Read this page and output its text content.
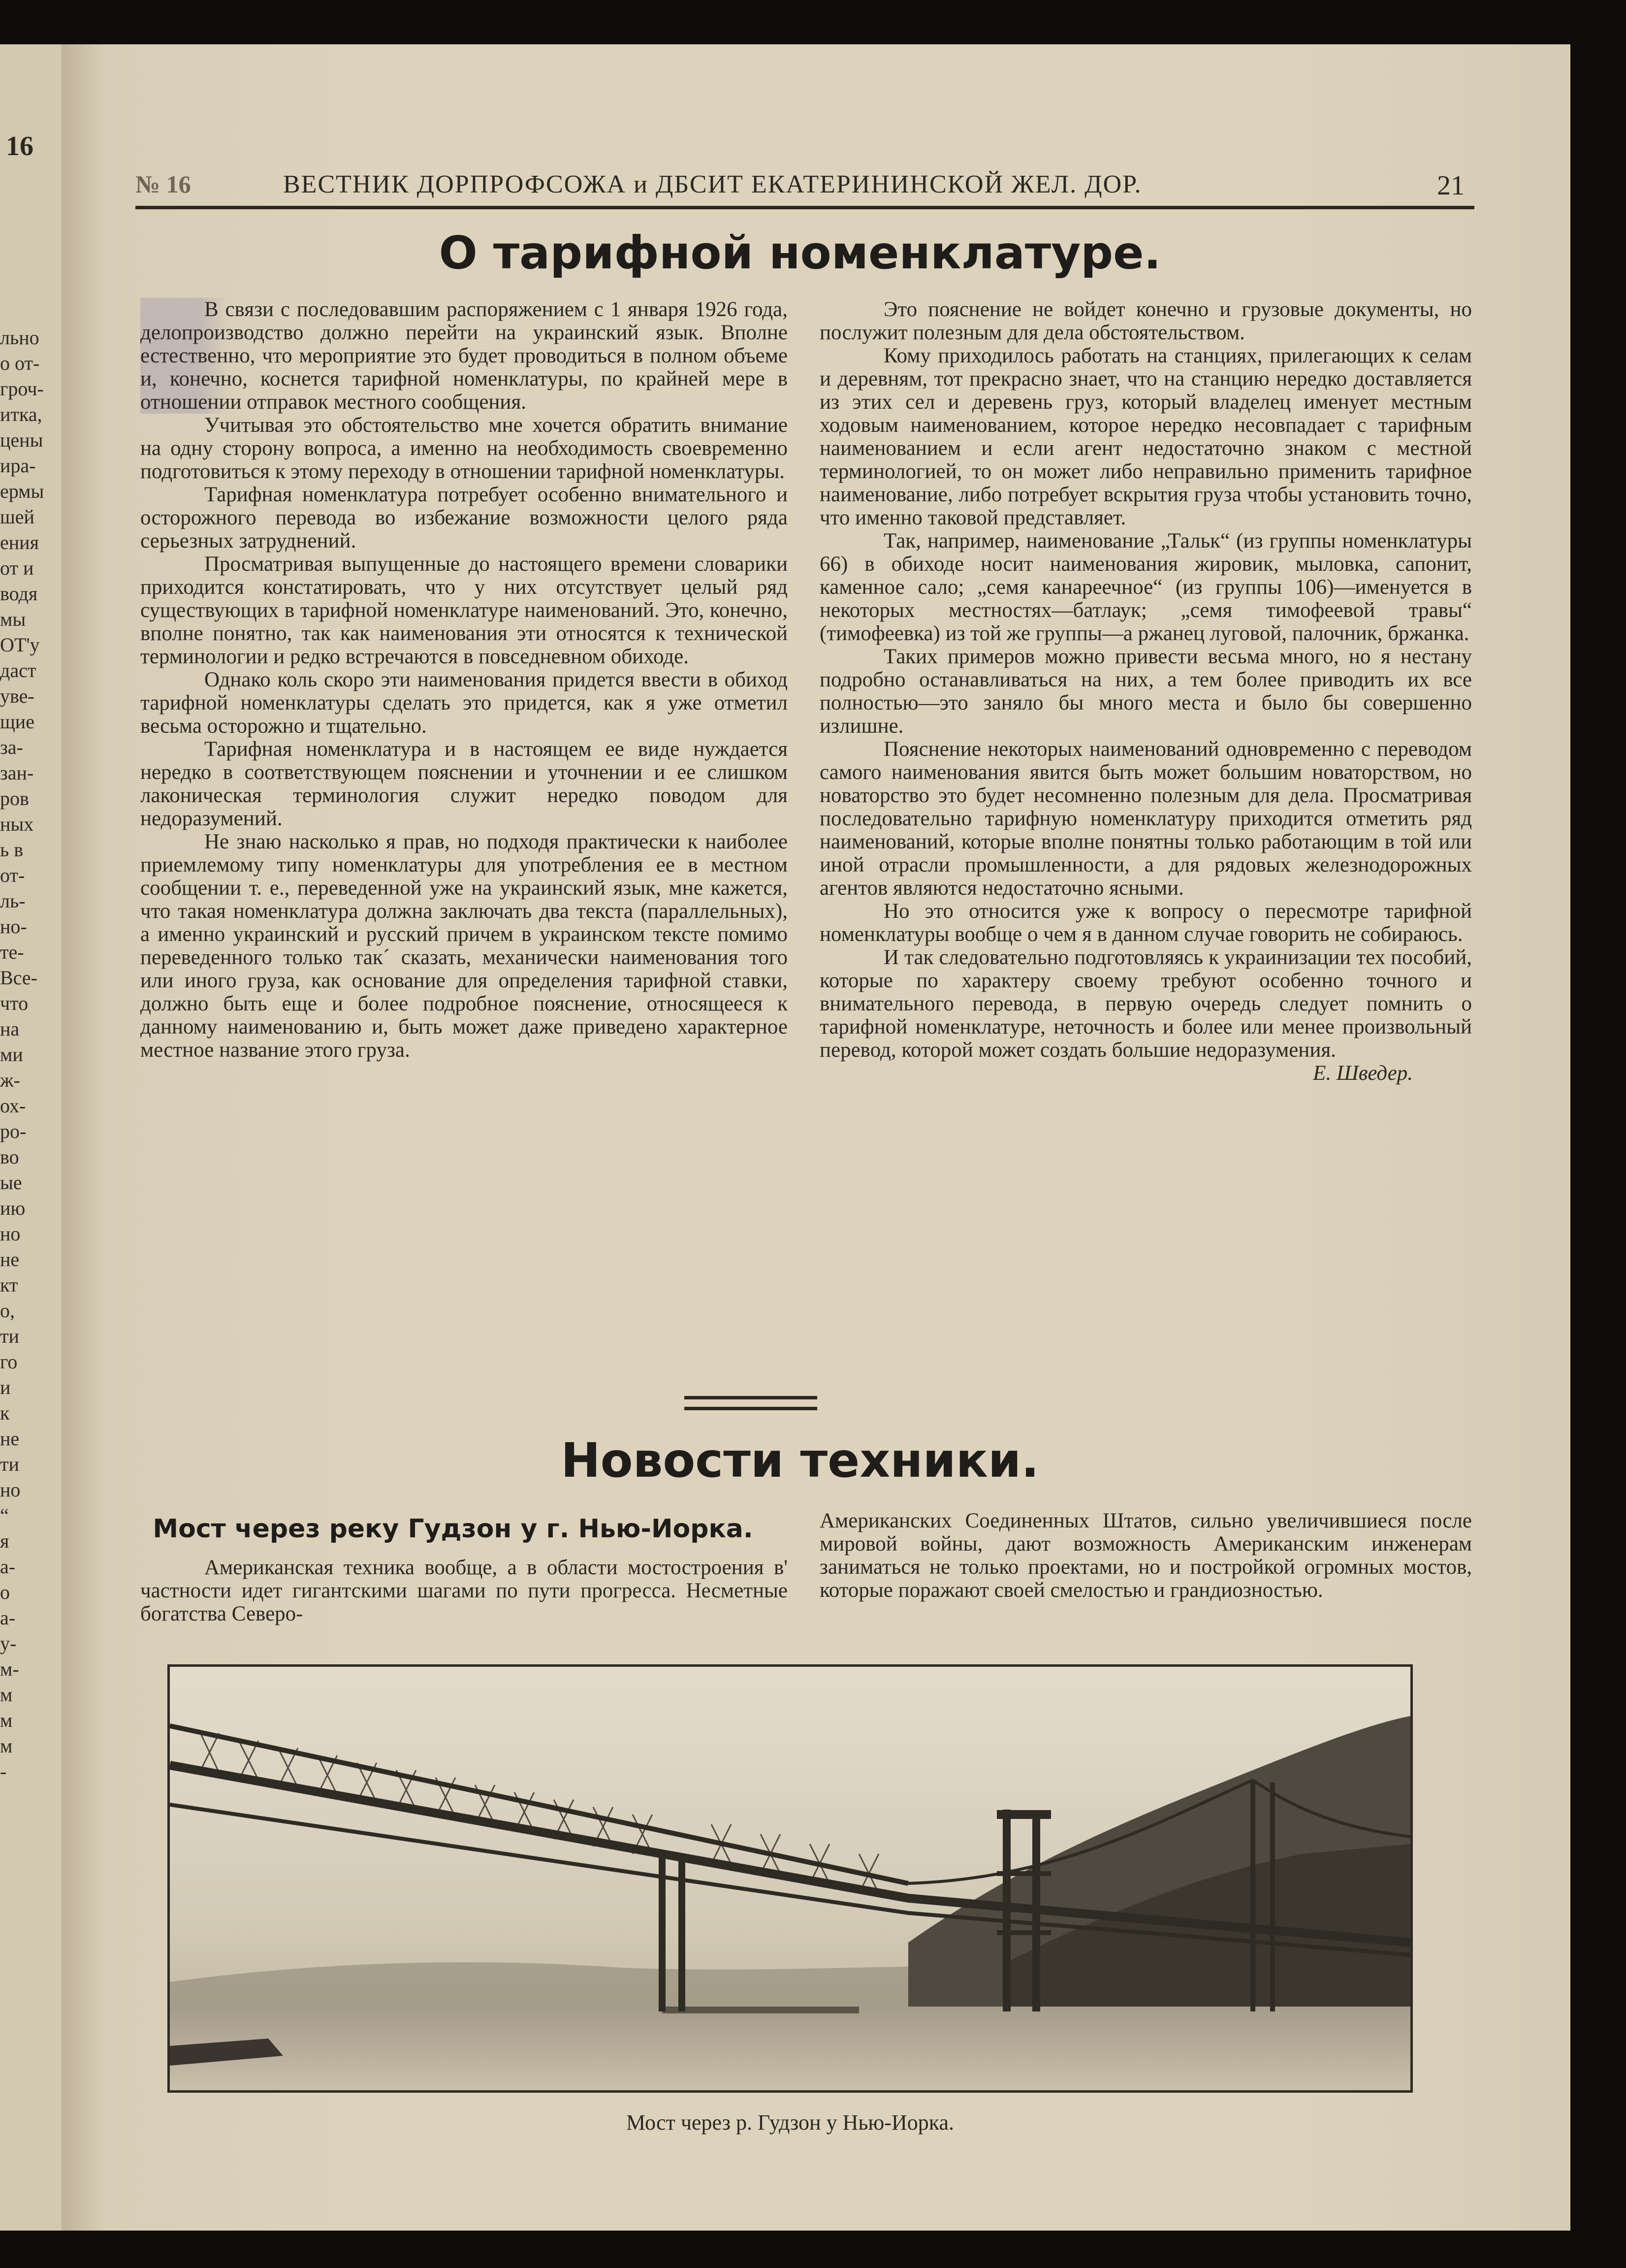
льно
о от-
гроч-
итка,
цены
ира-
ермы
шей
ения
от и
водя
мы
ОТ'у
даст
уве-
щие
за-
зан-
ров
ных
ь в
от-
ль-
но-
те-
Все-
что
на
ми
ж-
ох-
ро-
во
ые
ию
но
не
кт
о,
ти
го
и
к
не
ти
но
“
я
а-
о
а-
у-
м-
м
м
м
-
16
№ 16	ВЕСТНИК ДОРПРОФСОЖА и ДБСИТ ЕКАТЕРИНИНСКОЙ ЖЕЛ. ДОР.	21
О тарифной номенклатуре.

В связи с последовавшим распоряжением с 1 января 1926 года, делопроизводство должно перейти на украинский язык. Вполне естественно, что мероприятие это будет проводиться в полном объеме и, конечно, коснется тарифной номенклатуры, по крайней мере в отношении отправок местного сообщения.

Учитывая это обстоятельство мне хочется обратить внимание на одну сторону вопроса, а именно на необходимость своевременно подготовиться к этому переходу в отношении тарифной номенклатуры.

Тарифная номенклатура потребует особенно внимательного и осторожного перевода во избежание возможности целого ряда серьезных затруднений.

Просматривая выпущенные до настоящего времени словарики приходится констатировать, что у них отсутствует целый ряд существующих в тарифной номенклатуре наименований. Это, конечно, вполне понятно, так как наименования эти относятся к технической терминологии и редко встречаются в повседневном обиходе.

Однако коль скоро эти наименования придется ввести в обиход тарифной номенклатуры сделать это придется, как я уже отметил весьма осторожно и тщательно.

Тарифная номенклатура и в настоящем ее виде нуждается нередко в соответствующем пояснении и уточнении и ее слишком лаконическая терминология служит нередко поводом для недоразумений.

Не знаю насколько я прав, но подходя практически к наиболее приемлемому типу номенклатуры для употребления ее в местном сообщении т. е., переведенной уже на украинский язык, мне кажется, что такая номенклатура должна заключать два текста (параллельных), а именно украинский и русский причем в украинском тексте помимо переведенного только так´ сказать, механически наименования того или иного груза, как основание для определения тарифной ставки, должно быть еще и более подробное пояснение, относящееся к данному наименованию и, быть может даже приведено характерное местное название этого груза.

Это пояснение не войдет конечно и грузовые документы, но послужит полезным для дела обстоятельством.

Кому приходилось работать на станциях, прилегающих к селам и деревням, тот прекрасно знает, что на станцию нередко доставляется из этих сел и деревень груз, который владелец именует местным ходовым наименованием, которое нередко несовпадает с тарифным наименованием и если агент недостаточно знаком с местной терминологией, то он может либо неправильно применить тарифное наименование, либо потребует вскрытия груза чтобы установить точно, что именно таковой представляет.

Так, например, наименование „Тальк“ (из группы номенклатуры 66) в обиходе носит наименования жировик, мыловка, сапонит, каменное сало; „семя канареечное“ (из группы 106)—именуется в некоторых местностях—батлаук; „семя тимофеевой травы“ (тимофеевка) из той же группы—а ржанец луговой, палочник, бржанка.

Таких примеров можно привести весьма много, но я нестану подробно останавливаться на них, а тем более приводить их все полностью—это заняло бы много места и было бы совершенно излишне.

Пояснение некоторых наименований одновременно с переводом самого наименования явится быть может большим новаторством, но новаторство это будет несомненно полезным для дела. Просматривая последовательно тарифную номенклатуру приходится отметить ряд наименований, которые вполне понятны только работающим в той или иной отрасли промышленности, а для рядовых железнодорожных агентов являются недостаточно ясными.

Но это относится уже к вопросу о пересмотре тарифной номенклатуры вообще о чем я в данном случае говорить не собираюсь.

И так следовательно подготовляясь к украинизации тех пособий, которые по характеру своему требуют особенно точного и внимательного перевода, в первую очередь следует помнить о тарифной номенклатуре, неточность и более или менее произвольный перевод, которой может создать большие недоразумения.
Е. Шведер.

Новости техники.
Мост через реку Гудзон у г. Нью-Иорка.

Американская техника вообще, а в области мостостроения в' частности идет гигантскими шагами по пути прогресса. Несметные богатства Северо-

Американских Соединенных Штатов, сильно увеличившиеся после мировой войны, дают возможность Американским инженерам заниматься не только проектами, но и постройкой огромных мостов, которые поражают своей смелостью и грандиозностью.

Мост через р. Гудзон у Нью-Иорка.
